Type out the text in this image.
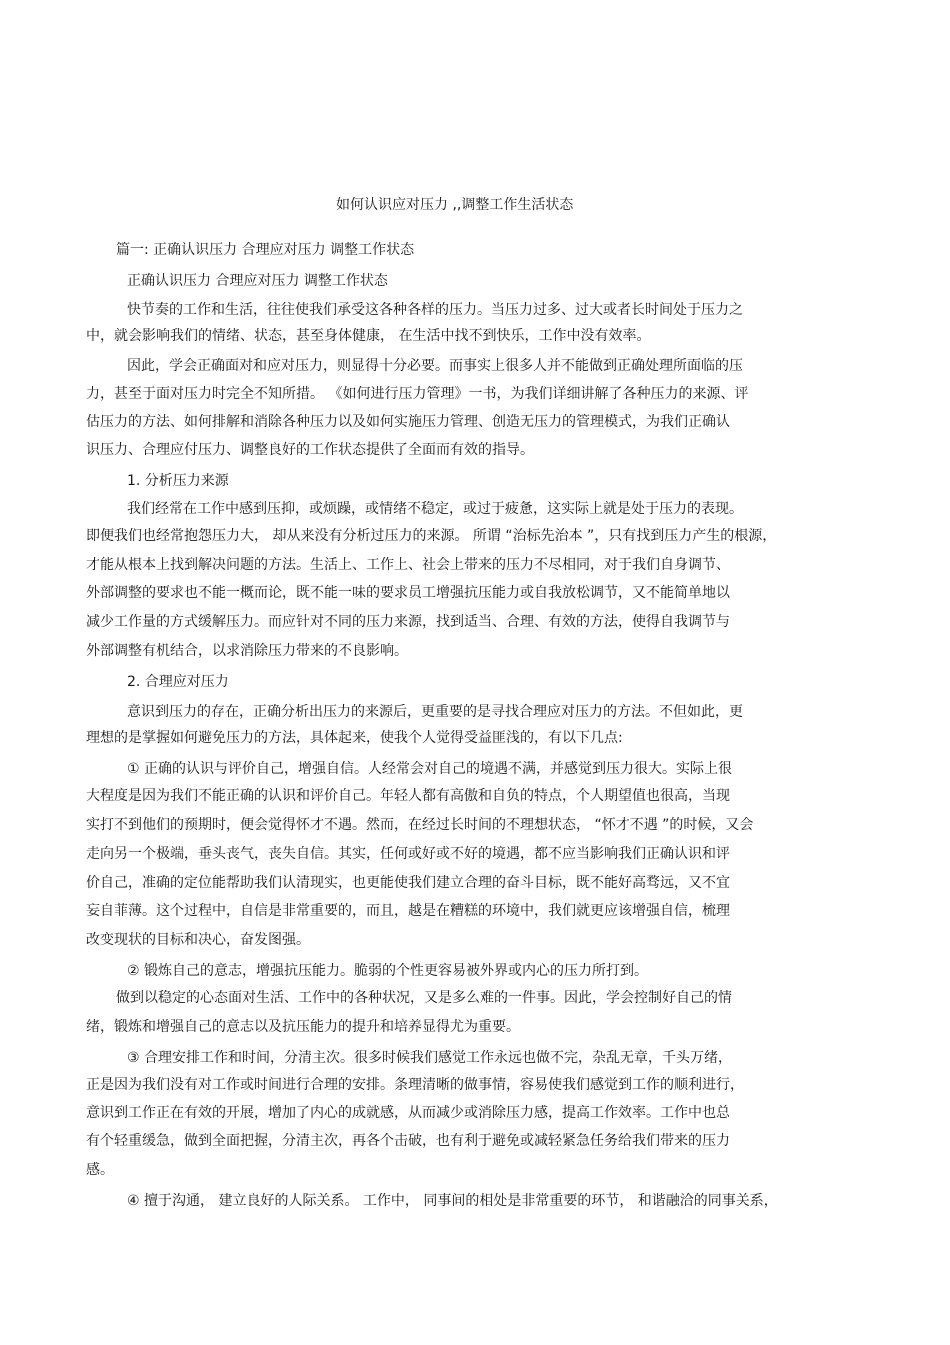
如何认识应对压力 ,,调整工作生活状态
篇一: 正确认识压力 合理应对压力 调整工作状态
正确认识压力 合理应对压力 调整工作状态
快节奏的工作和生活，往往使我们承受这各种各样的压力。当压力过多、过大或者长时间处于压力之
中，就会影响我们的情绪、状态，甚至身体健康， 在生活中找不到快乐，工作中没有效率。
因此，学会正确面对和应对压力，则显得十分必要。而事实上很多人并不能做到正确处理所面临的压
力，甚至于面对压力时完全不知所措。 《如何进行压力管理》一书，为我们详细讲解了各种压力的来源、评
估压力的方法、如何排解和消除各种压力以及如何实施压力管理、创造无压力的管理模式，为我们正确认
识压力、合理应付压力、调整良好的工作状态提供了全面而有效的指导。
1. 分析压力来源
我们经常在工作中感到压抑，或烦躁，或情绪不稳定，或过于疲惫，这实际上就是处于压力的表现。
即便我们也经常抱怨压力大， 却从来没有分析过压力的来源。 所谓 “治标先治本 ”，只有找到压力产生的根源，
才能从根本上找到解决问题的方法。生活上、工作上、社会上带来的压力不尽相同，对于我们自身调节、
外部调整的要求也不能一概而论，既不能一味的要求员工增强抗压能力或自我放松调节，又不能简单地以
减少工作量的方式缓解压力。而应针对不同的压力来源，找到适当、合理、有效的方法，使得自我调节与
外部调整有机结合，以求消除压力带来的不良影响。
2. 合理应对压力
意识到压力的存在，正确分析出压力的来源后，更重要的是寻找合理应对压力的方法。不但如此，更
理想的是掌握如何避免压力的方法，具体起来，使我个人觉得受益匪浅的，有以下几点:
① 正确的认识与评价自己，增强自信。人经常会对自己的境遇不满，并感觉到压力很大。实际上很
大程度是因为我们不能正确的认识和评价自己。年轻人都有高傲和自负的特点，个人期望值也很高，当现
实打不到他们的预期时，便会觉得怀才不遇。然而，在经过长时间的不理想状态， “怀才不遇 ”的时候，又会
走向另一个极端，垂头丧气，丧失自信。其实，任何或好或不好的境遇，都不应当影响我们正确认识和评
价自己，准确的定位能帮助我们认清现实，也更能使我们建立合理的奋斗目标，既不能好高骛远，又不宜
妄自菲薄。这个过程中，自信是非常重要的，而且，越是在糟糕的环境中，我们就更应该增强自信，梳理
改变现状的目标和决心，奋发图强。
② 锻炼自己的意志，增强抗压能力。脆弱的个性更容易被外界或内心的压力所打到。
做到以稳定的心态面对生活、工作中的各种状况，又是多么难的一件事。因此，学会控制好自己的情
绪，锻炼和增强自己的意志以及抗压能力的提升和培养显得尤为重要。
③ 合理安排工作和时间，分清主次。很多时候我们感觉工作永远也做不完，杂乱无章，千头万绪，
正是因为我们没有对工作或时间进行合理的安排。条理清晰的做事情，容易使我们感觉到工作的顺利进行，
意识到工作正在有效的开展，增加了内心的成就感，从而减少或消除压力感，提高工作效率。工作中也总
有个轻重缓急，做到全面把握，分清主次，再各个击破，也有利于避免或减轻紧急任务给我们带来的压力
感。
④ 擅于沟通， 建立良好的人际关系。 工作中， 同事间的相处是非常重要的环节， 和谐融洽的同事关系，
